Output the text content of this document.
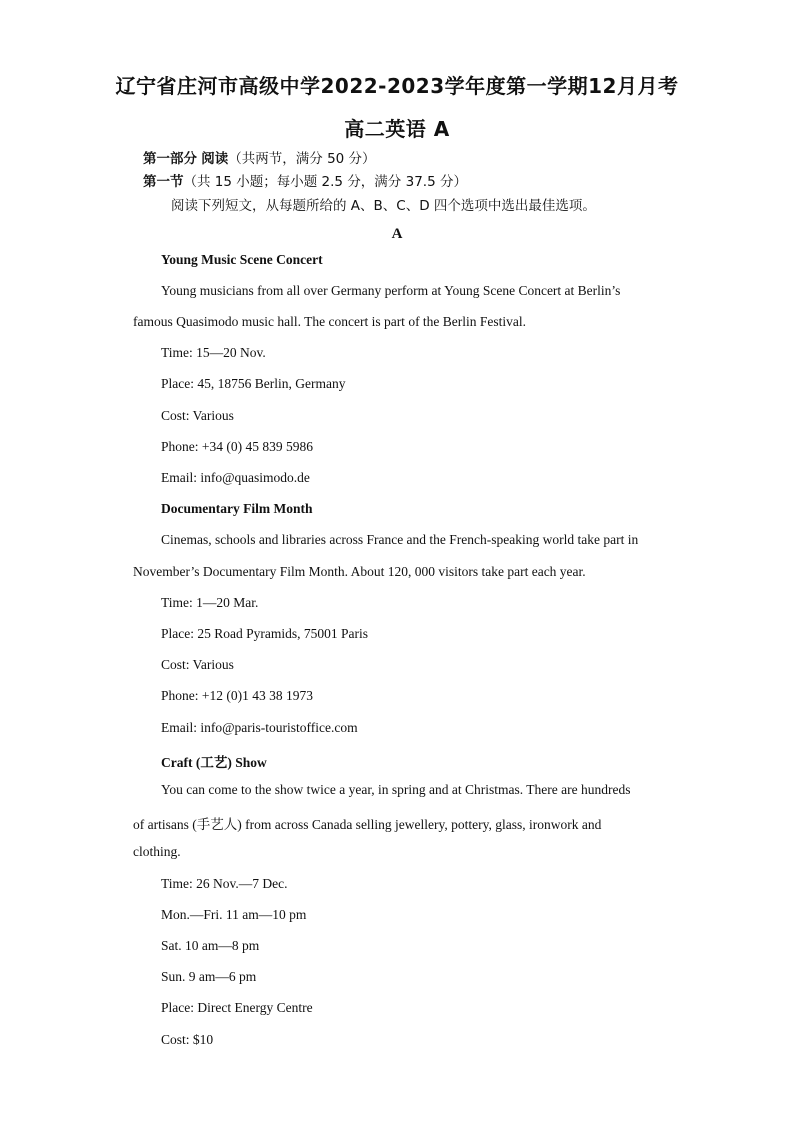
辽宁省庄河市高级中学2022-2023学年度第一学期12月月考
高二英语 A
第一部分 阅读（共两节，满分 50 分）
第一节（共 15 小题；每小题 2.5 分，满分 37.5 分）
阅读下列短文，从每题所给的 A、B、C、D 四个选项中选出最佳选项。
A
Young Music Scene Concert
Young musicians from all over Germany perform at Young Scene Concert at Berlin’s
famous Quasimodo music hall. The concert is part of the Berlin Festival.
Time: 15—20 Nov.
Place: 45, 18756 Berlin, Germany
Cost: Various
Phone: +34 (0) 45 839 5986
Email: info@quasimodo.de
Documentary Film Month
Cinemas, schools and libraries across France and the French-speaking world take part in
November’s Documentary Film Month. About 120, 000 visitors take part each year.
Time: 1—20 Mar.
Place: 25 Road Pyramids, 75001 Paris
Cost: Various
Phone: +12 (0)1 43 38 1973
Email: info@paris-touristoffice.com
Craft (工艺) Show
You can come to the show twice a year, in spring and at Christmas. There are hundreds
of artisans (手艺人) from across Canada selling jewellery, pottery, glass, ironwork and
clothing.
Time: 26 Nov.—7 Dec.
Mon.—Fri. 11 am—10 pm
Sat. 10 am—8 pm
Sun. 9 am—6 pm
Place: Direct Energy Centre
Cost: $10
